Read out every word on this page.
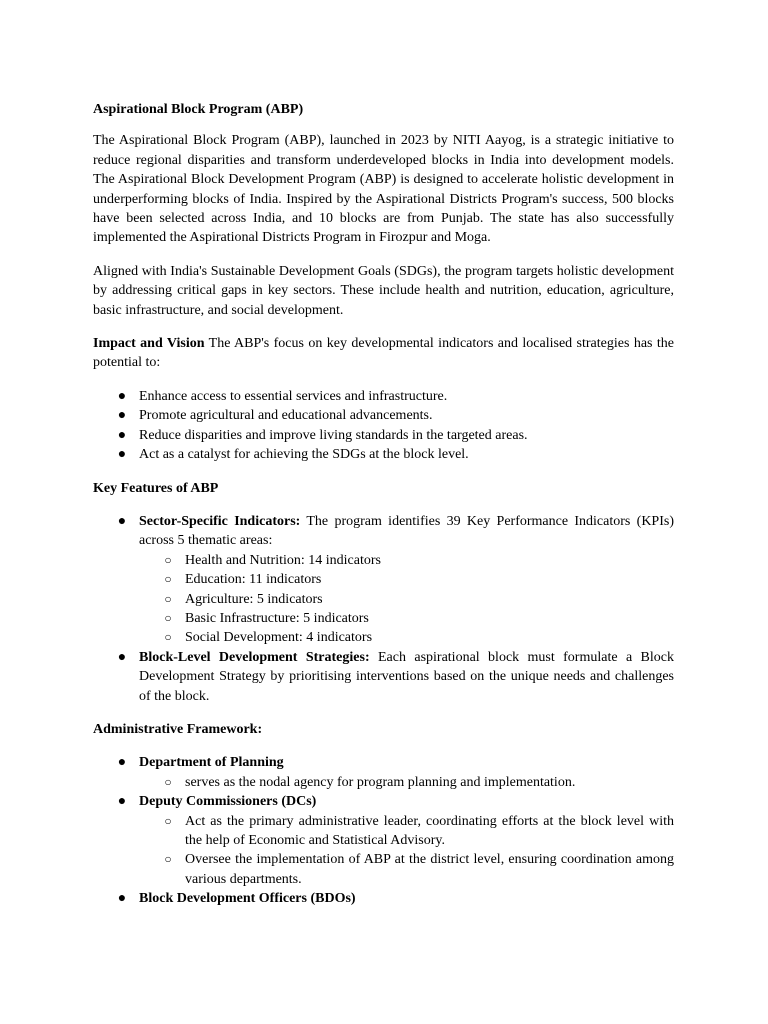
Aspirational Block Program (ABP)

The Aspirational Block Program (ABP), launched in 2023 by NITI Aayog, is a strategic initiative to reduce regional disparities and transform underdeveloped blocks in India into development models. The Aspirational Block Development Program (ABP) is designed to accelerate holistic development in underperforming blocks of India. Inspired by the Aspirational Districts Program's success, 500 blocks have been selected across India, and 10 blocks are from Punjab. The state has also successfully implemented the Aspirational Districts Program in Firozpur and Moga.

Aligned with India's Sustainable Development Goals (SDGs), the program targets holistic development by addressing critical gaps in key sectors. These include health and nutrition, education, agriculture, basic infrastructure, and social development.

Impact and Vision The ABP's focus on key developmental indicators and localised strategies has the potential to:

● Enhance access to essential services and infrastructure.
● Promote agricultural and educational advancements.
● Reduce disparities and improve living standards in the targeted areas.
● Act as a catalyst for achieving the SDGs at the block level.

Key Features of ABP

● Sector-Specific Indicators: The program identifies 39 Key Performance Indicators (KPIs) across 5 thematic areas:
○ Health and Nutrition: 14 indicators
○ Education: 11 indicators
○ Agriculture: 5 indicators
○ Basic Infrastructure: 5 indicators
○ Social Development: 4 indicators
● Block-Level Development Strategies: Each aspirational block must formulate a Block Development Strategy by prioritising interventions based on the unique needs and challenges of the block.

Administrative Framework:

● Department of Planning
○ serves as the nodal agency for program planning and implementation.
● Deputy Commissioners (DCs)
○ Act as the primary administrative leader, coordinating efforts at the block level with the help of Economic and Statistical Advisory.
○ Oversee the implementation of ABP at the district level, ensuring coordination among various departments.
● Block Development Officers (BDOs)
